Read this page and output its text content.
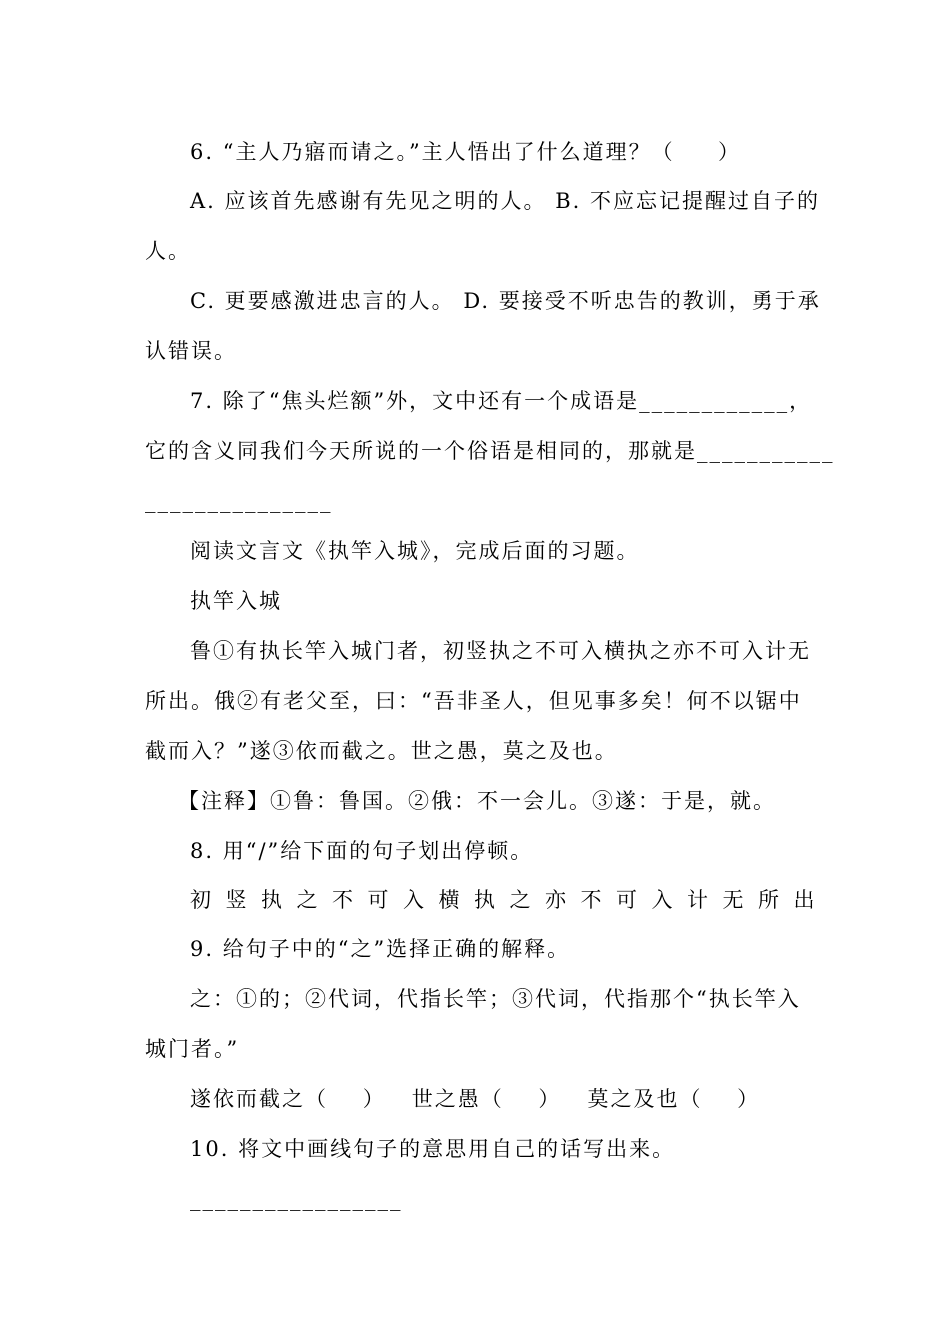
6. “主人乃寤而请之。”主人悟出了什么道理？（     ）
A. 应该首先感谢有先见之明的人。 B. 不应忘记提醒过自子的
人。
C. 更要感激进忠言的人。 D. 要接受不听忠告的教训，勇于承
认错误。
7. 除了“焦头烂额”外，文中还有一个成语是____________，
它的含义同我们今天所说的一个俗语是相同的，那就是___________
_______________
阅读文言文《执竿入城》，完成后面的习题。
执竿入城
鲁①有执长竿入城门者，初竖执之不可入横执之亦不可入计无
所出。俄②有老父至，曰：“吾非圣人，但见事多矣！何不以锯中
截而入？”遂③依而截之。世之愚，莫之及也。
【注释】①鲁：鲁国。②俄：不一会儿。③遂：于是，就。
8. 用“/”给下面的句子划出停顿。
初竖执之不可入横执之亦不可入计无所出
9. 给句子中的“之”选择正确的解释。
之：①的；②代词，代指长竿；③代词，代指那个“执长竿入
城门者。”
遂依而截之（    ）   世之愚（    ）   莫之及也（    ）
10. 将文中画线句子的意思用自己的话写出来。
_________________
